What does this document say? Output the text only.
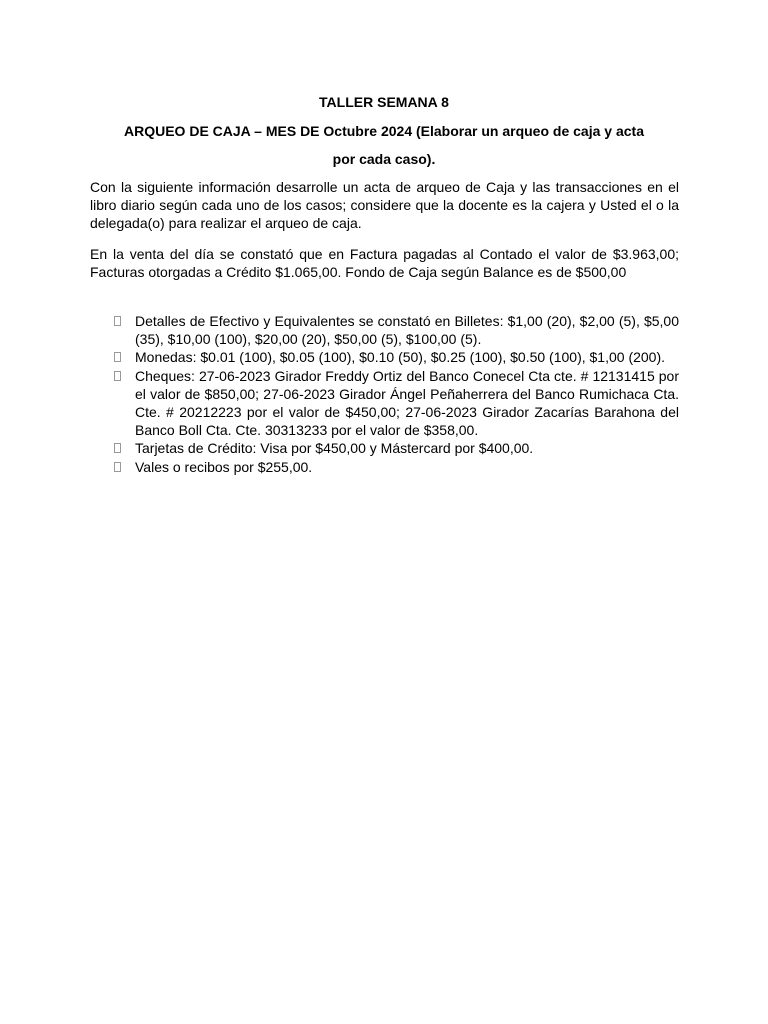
TALLER SEMANA 8
ARQUEO DE CAJA – MES DE Octubre 2024 (Elaborar un arqueo de caja y acta
por cada caso).
Con la siguiente información desarrolle un acta de arqueo de Caja y las transacciones en el libro diario según cada uno de los casos; considere que la docente es la cajera y Usted el o la delegada(o) para realizar el arqueo de caja.
En la venta del día se constató que en Factura pagadas al Contado el valor de $3.963,00; Facturas otorgadas a Crédito $1.065,00. Fondo de Caja según Balance es de $500,00
Detalles de Efectivo y Equivalentes se constató en Billetes: $1,00 (20), $2,00 (5), $5,00 (35), $10,00 (100), $20,00 (20), $50,00 (5), $100,00 (5).
Monedas: $0.01 (100), $0.05 (100), $0.10 (50), $0.25 (100), $0.50 (100), $1,00 (200).
Cheques: 27-06-2023 Girador Freddy Ortiz del Banco Conecel Cta cte. # 12131415 por el valor de $850,00; 27-06-2023 Girador Ángel Peñaherrera del Banco Rumichaca Cta. Cte. # 20212223 por el valor de $450,00; 27-06-2023 Girador Zacarías Barahona del Banco Boll Cta. Cte. 30313233 por el valor de $358,00.
Tarjetas de Crédito: Visa por $450,00 y Mástercard por $400,00.
Vales o recibos por $255,00.
